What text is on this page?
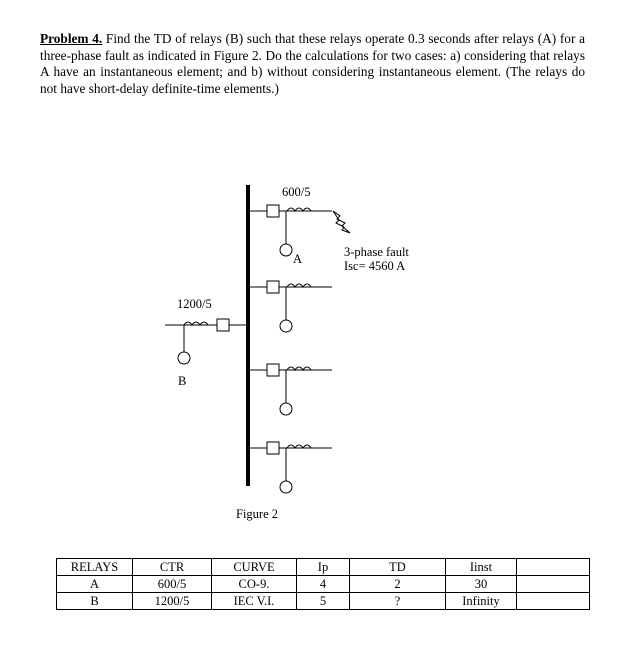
Problem 4. Find the TD of relays (B) such that these relays operate 0.3 seconds after relays (A) for a three-phase fault as indicated in Figure 2. Do the calculations for two cases: a) considering that relays A have an instantaneous element; and b) without considering instantaneous element. (The relays do not have short-delay definite-time elements.)
600/5
A	3-phase fault
Isc= 4560 A
1200/5
B
Figure 2
RELAYS	CTR	CURVE	Ip	TD	Iinst	
A	600/5	CO-9.	4	2	30	
B	1200/5	IEC V.I.	5	?	Infinity	
